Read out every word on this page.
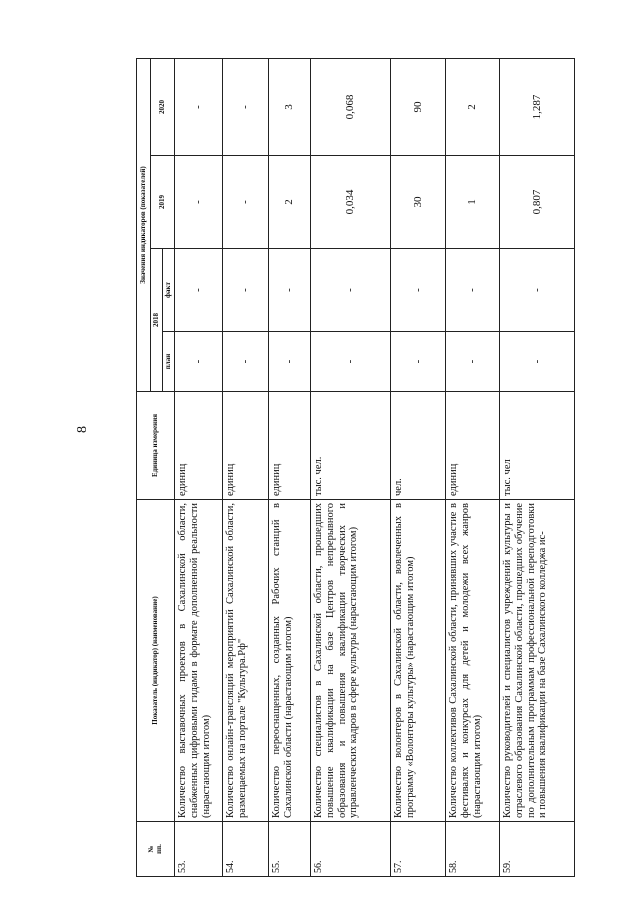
8
№
пп.	Показатель (индикатор) (наименование)	Единица измерения	Значения индикаторов (показателей)			
			2018		2019	2020
			план	факт		
53.	Количество выставочных проектов в Сахалинской области, снабженных цифровыми гидами в формате дополненной реальности (нарастающим итогом)	единиц	-	-	-	-
54.	Количество онлайн-трансляций мероприятий Сахалинской области, размещаемых на портале "Культура.Рф"	единиц	-	-	-	-
55.	Количество переоснащенных, созданных Рабочих станций в Сахалинской области (нарастающим итогом)	единиц	-	-	2	3
56.	Количество специалистов в Сахалинской области, прошедших повышение квалификации на базе Центров непрерывного образования и повышения квалификации творческих и управленческих кадров в сфере культуры (нарастающим итогом)	тыс. чел.	-	-	0,034	0,068
57.	Количество волонтеров в Сахалинской области, вовлеченных в программу «Волонтеры культуры» (нарастающим итогом)	чел.	-	-	30	90
58.	Количество коллективов Сахалинской области, принявших участие в фестивалях и конкурсах для детей и молодежи всех жанров (нарастающим итогом)	единиц	-	-	1	2
59.	Количество руководителей и специалистов учреждений культуры и отраслевого образования Сахалинской области, прошедших обучение по дополнительным программам профессиональной переподготовки и повышения квалификации на базе Сахалинского колледжа ис-	тыс. чел	-	-	0,807	1,287
